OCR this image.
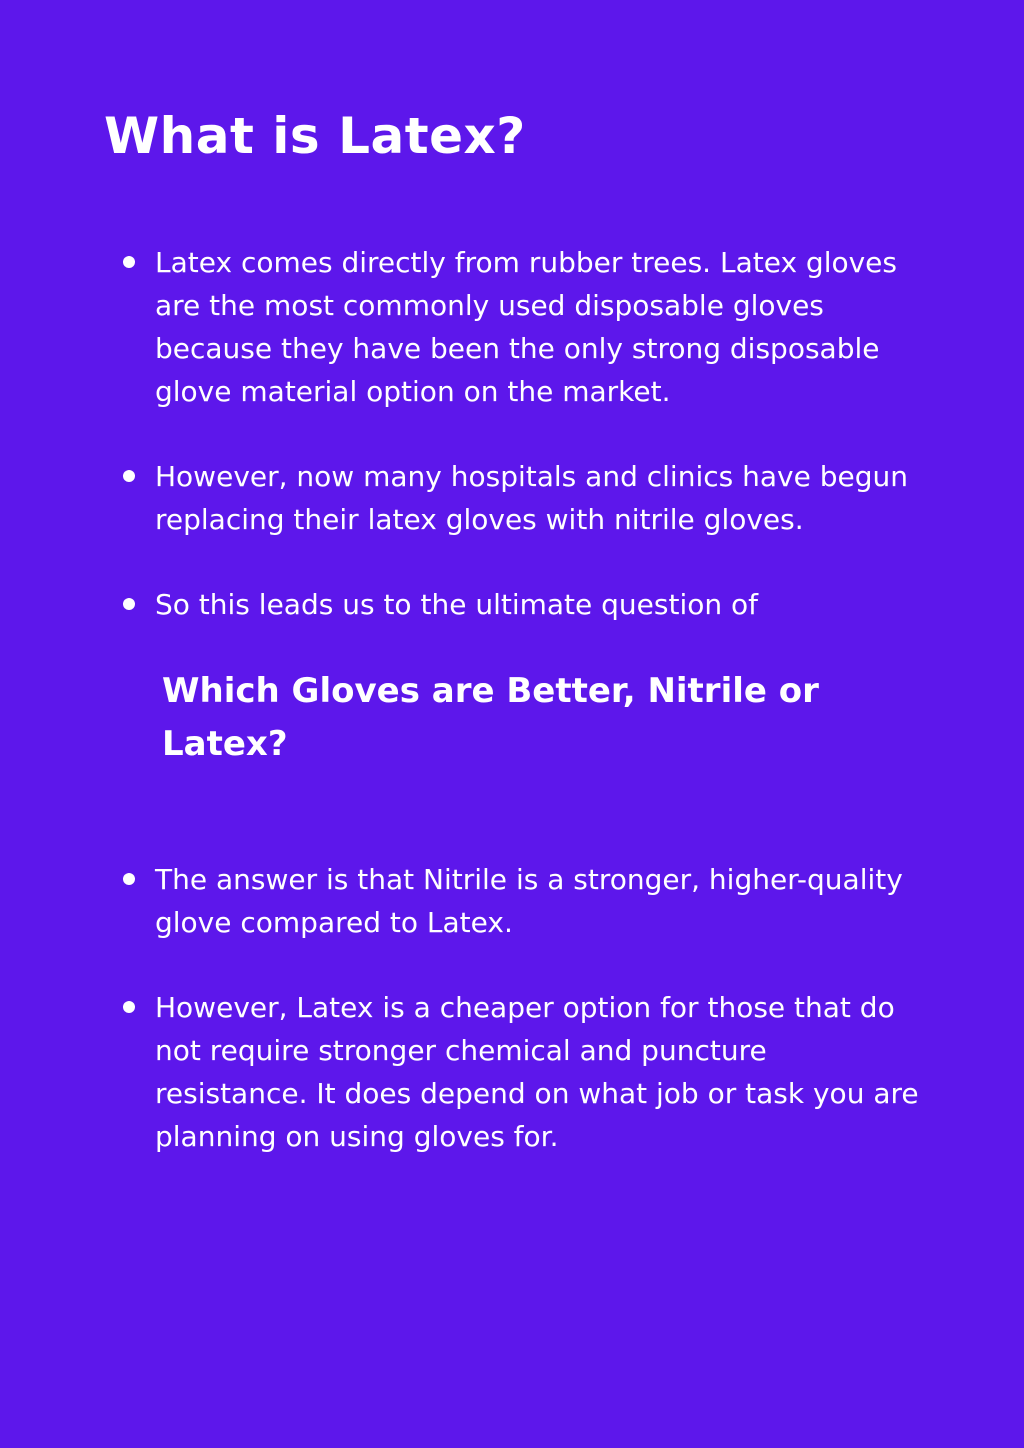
What is Latex?
Latex comes directly from rubber trees. Latex gloves are the most commonly used disposable gloves because they have been the only strong disposable glove material option on the market.
However, now many hospitals and clinics have begun replacing their latex gloves with nitrile gloves.
So this leads us to the ultimate question of
Which Gloves are Better, Nitrile or Latex?
The answer is that Nitrile is a stronger, higher-quality glove compared to Latex.
However, Latex is a cheaper option for those that do not require stronger chemical and puncture resistance. It does depend on what job or task you are planning on using gloves for.
